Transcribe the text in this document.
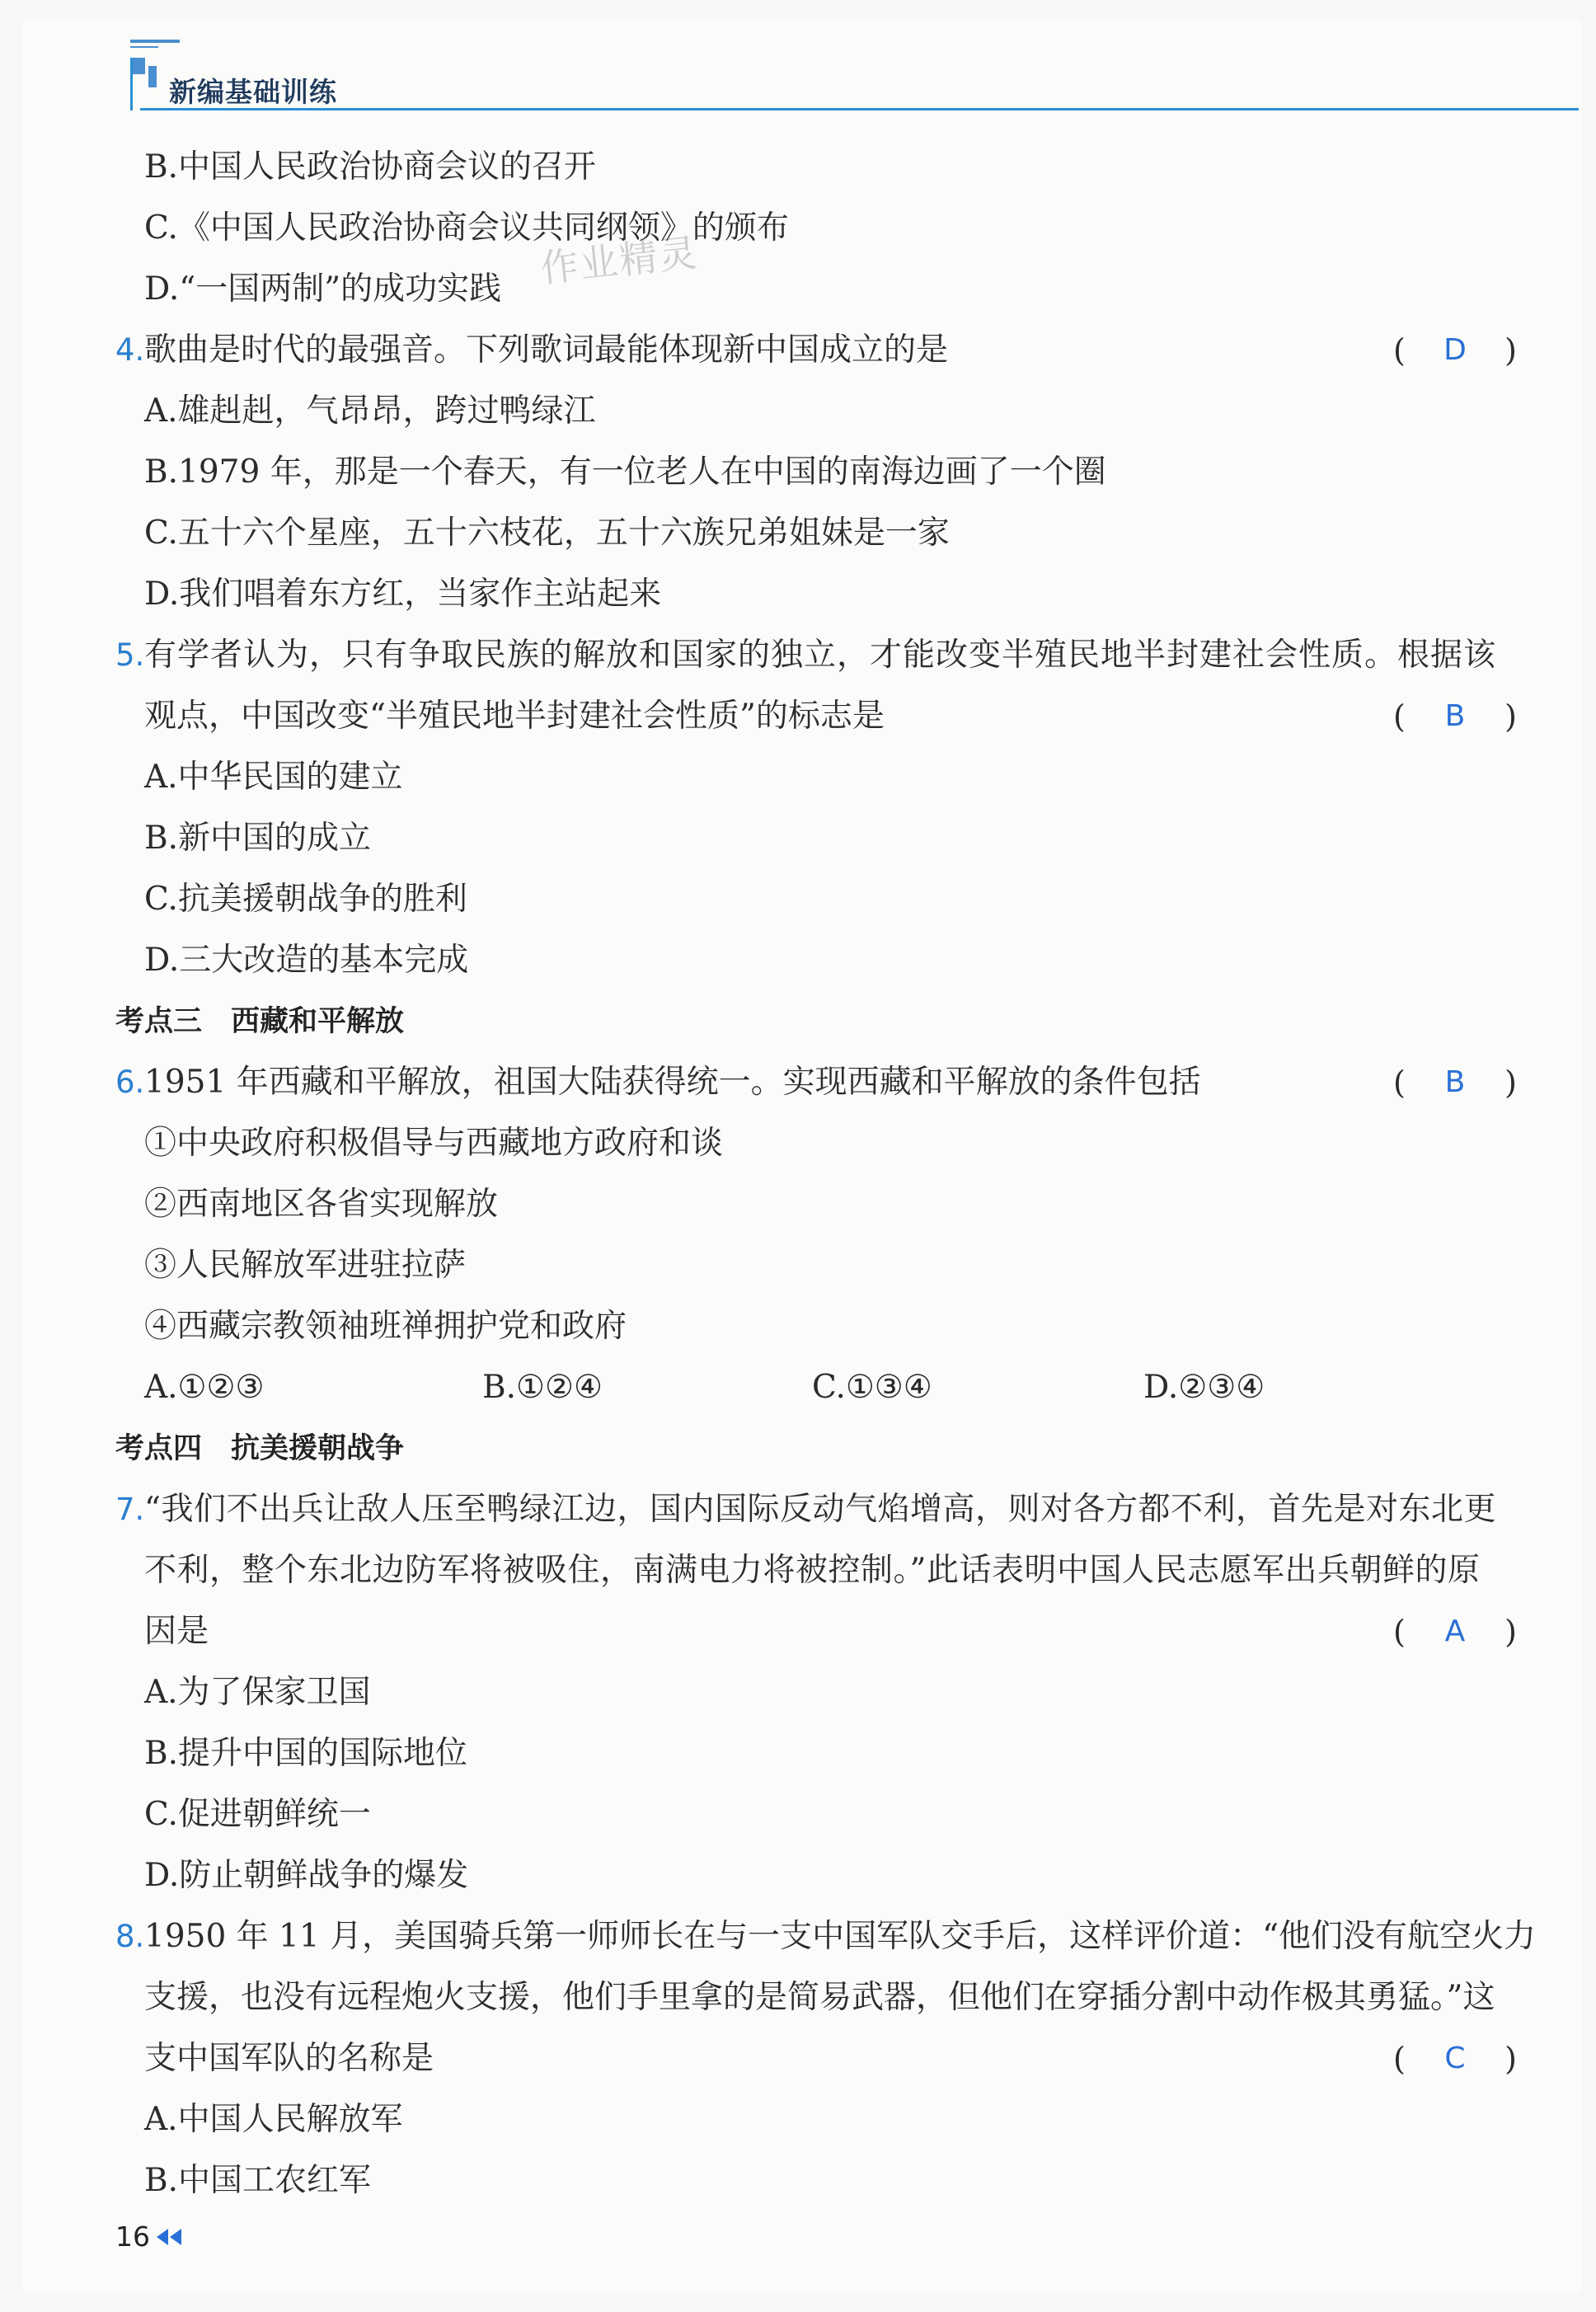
新编基础训练
作业精灵
B.中国人民政治协商会议的召开
C.《中国人民政治协商会议共同纲领》的颁布
D.“一国两制”的成功实践
4. 歌曲是时代的最强音。下列歌词最能体现新中国成立的是	( D )
A.雄赳赳，气昂昂，跨过鸭绿江
B.1979 年，那是一个春天，有一位老人在中国的南海边画了一个圈
C.五十六个星座，五十六枝花，五十六族兄弟姐妹是一家
D.我们唱着东方红，当家作主站起来
5. 有学者认为，只有争取民族的解放和国家的独立，才能改变半殖民地半封建社会性质。根据该
观点，中国改变“半殖民地半封建社会性质”的标志是	( B )
A.中华民国的建立
B.新中国的成立
C.抗美援朝战争的胜利
D.三大改造的基本完成
考点三　西藏和平解放
6. 1951 年西藏和平解放，祖国大陆获得统一。实现西藏和平解放的条件包括	( B )
①中央政府积极倡导与西藏地方政府和谈
②西南地区各省实现解放
③人民解放军进驻拉萨
④西藏宗教领袖班禅拥护党和政府
A.①②③	B.①②④	C.①③④	D.②③④
考点四　抗美援朝战争
7. “我们不出兵让敌人压至鸭绿江边，国内国际反动气焰增高，则对各方都不利，首先是对东北更
不利，整个东北边防军将被吸住，南满电力将被控制。”此话表明中国人民志愿军出兵朝鲜的原
因是	( A )
A.为了保家卫国
B.提升中国的国际地位
C.促进朝鲜统一
D.防止朝鲜战争的爆发
8. 1950 年 11 月，美国骑兵第一师师长在与一支中国军队交手后，这样评价道：“他们没有航空火力
支援，也没有远程炮火支援，他们手里拿的是简易武器，但他们在穿插分割中动作极其勇猛。”这
支中国军队的名称是	( C )
A.中国人民解放军
B.中国工农红军
16
